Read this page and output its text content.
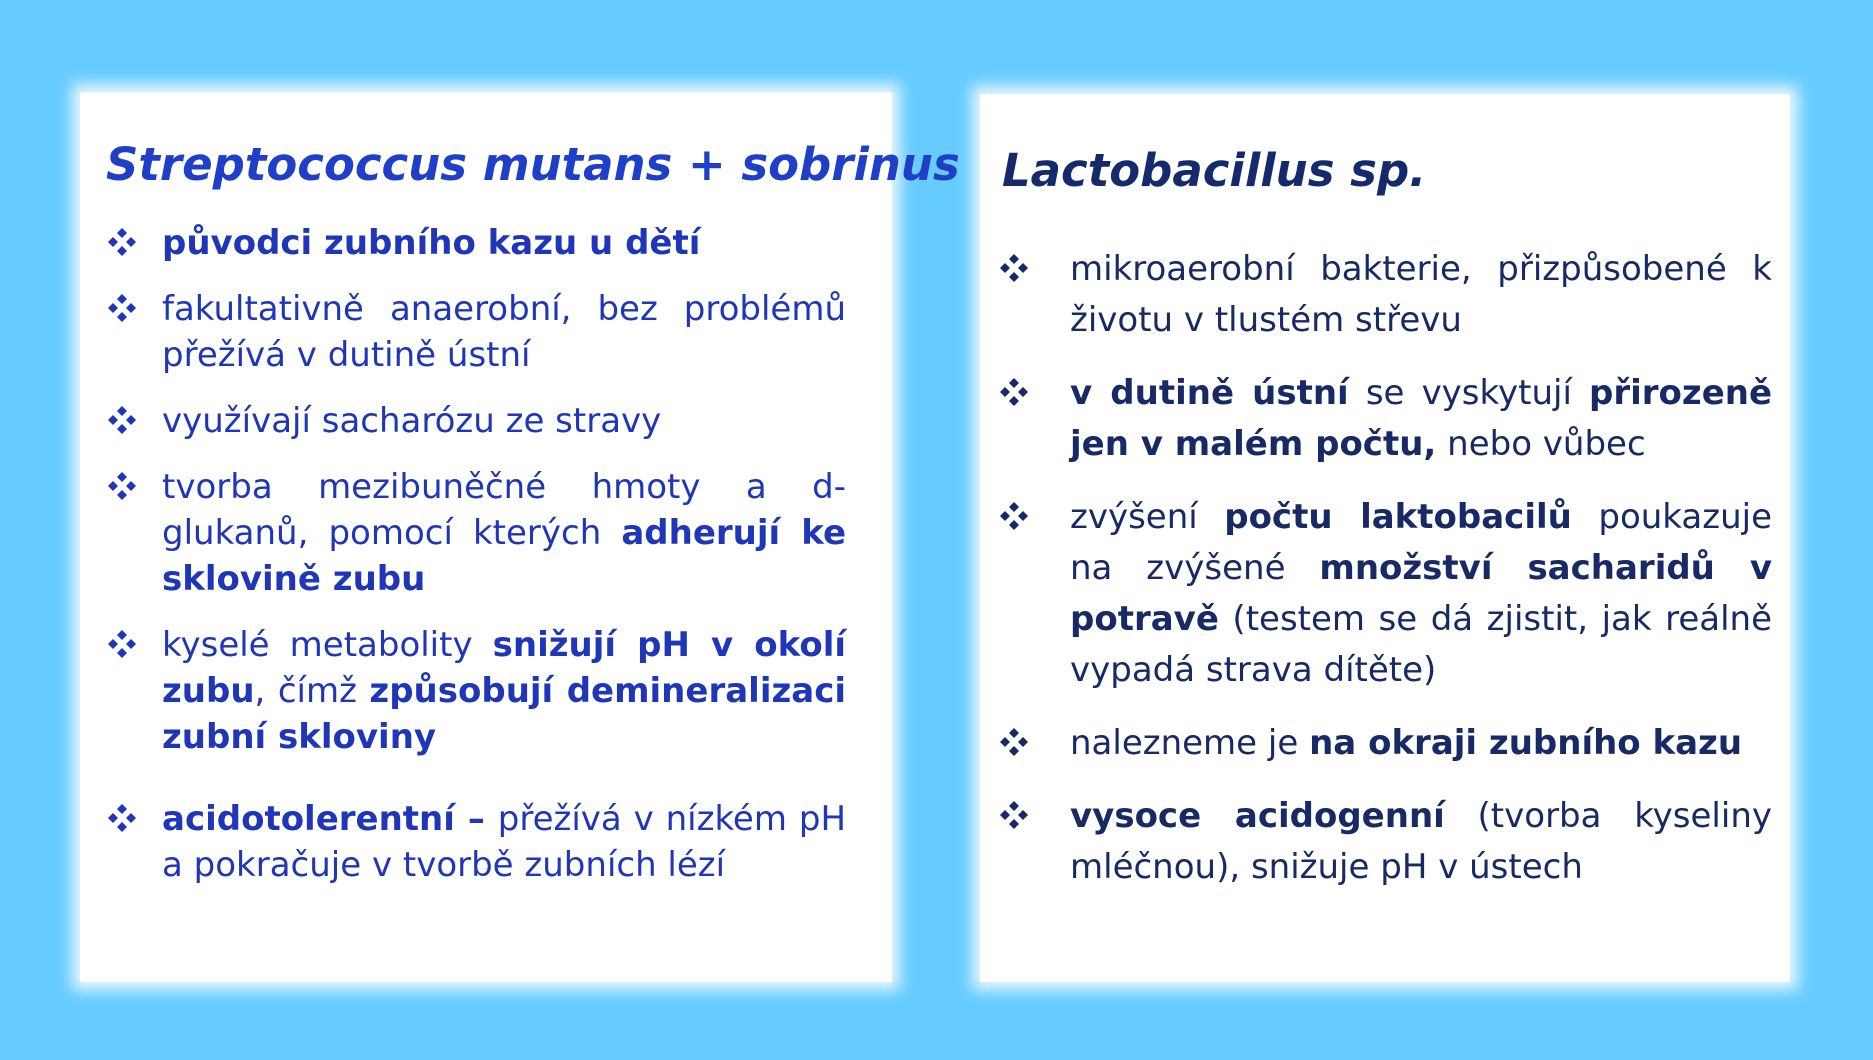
Streptococcus mutans + sobrinus
původci zubního kazu u dětí
fakultativně anaerobní, bez problémů přežívá v dutině ústní
využívají sacharózu ze stravy
tvorba mezibuněčné hmoty a d-glukanů, pomocí kterých adherují ke sklovině zubu
kyselé metabolity snižují pH v okolí zubu, čímž způsobují demineralizaci zubní skloviny
acidotolerentní – přežívá v nízkém pH a pokračuje v tvorbě zubních lézí
Lactobacillus sp.
mikroaerobní bakterie, přizpůsobené k životu v tlustém střevu
v dutině ústní se vyskytují přirozeně jen v malém počtu, nebo vůbec
zvýšení počtu laktobacilů poukazuje na zvýšené množství sacharidů v potravě (testem se dá zjistit, jak reálně vypadá strava dítěte)
nalezneme je na okraji zubního kazu
vysoce acidogenní (tvorba kyseliny mléčnou), snižuje pH v ústech
